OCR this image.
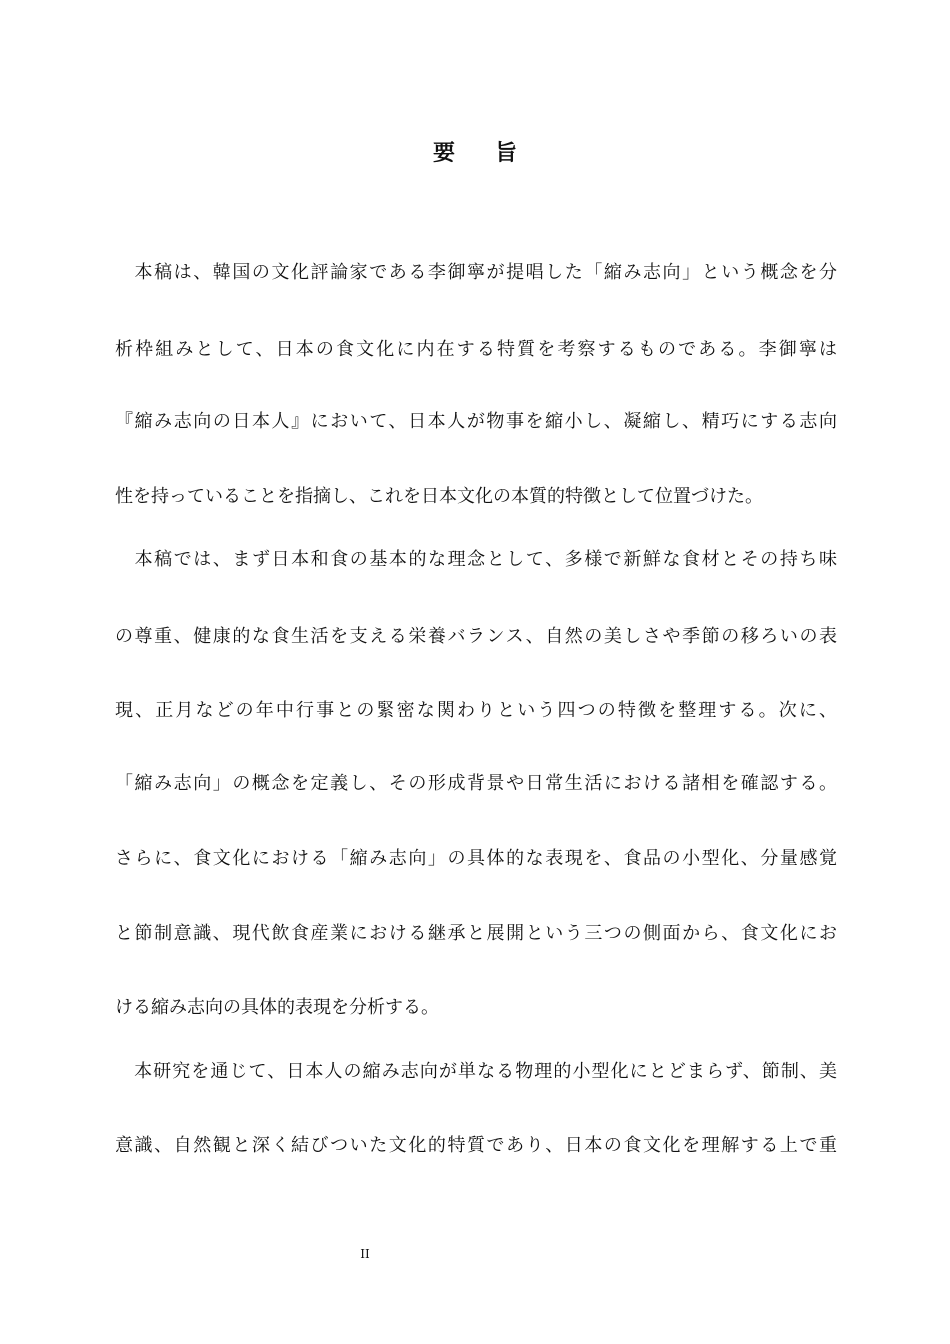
要旨
　本稿は、韓国の文化評論家である李御寧が提唱した「縮み志向」という概念を分
析枠組みとして、日本の食文化に内在する特質を考察するものである。李御寧は
『縮み志向の日本人』において、日本人が物事を縮小し、凝縮し、精巧にする志向
性を持っていることを指摘し、これを日本文化の本質的特徴として位置づけた。
　本稿では、まず日本和食の基本的な理念として、多様で新鮮な食材とその持ち味
の尊重、健康的な食生活を支える栄養バランス、自然の美しさや季節の移ろいの表
現、正月などの年中行事との緊密な関わりという四つの特徴を整理する。次に、
「縮み志向」の概念を定義し、その形成背景や日常生活における諸相を確認する。
さらに、食文化における「縮み志向」の具体的な表現を、食品の小型化、分量感覚
と節制意識、現代飲食産業における継承と展開という三つの側面から、食文化にお
ける縮み志向の具体的表現を分析する。
　本研究を通じて、日本人の縮み志向が単なる物理的小型化にとどまらず、節制、美
意識、自然観と深く結びついた文化的特質であり、日本の食文化を理解する上で重
II
